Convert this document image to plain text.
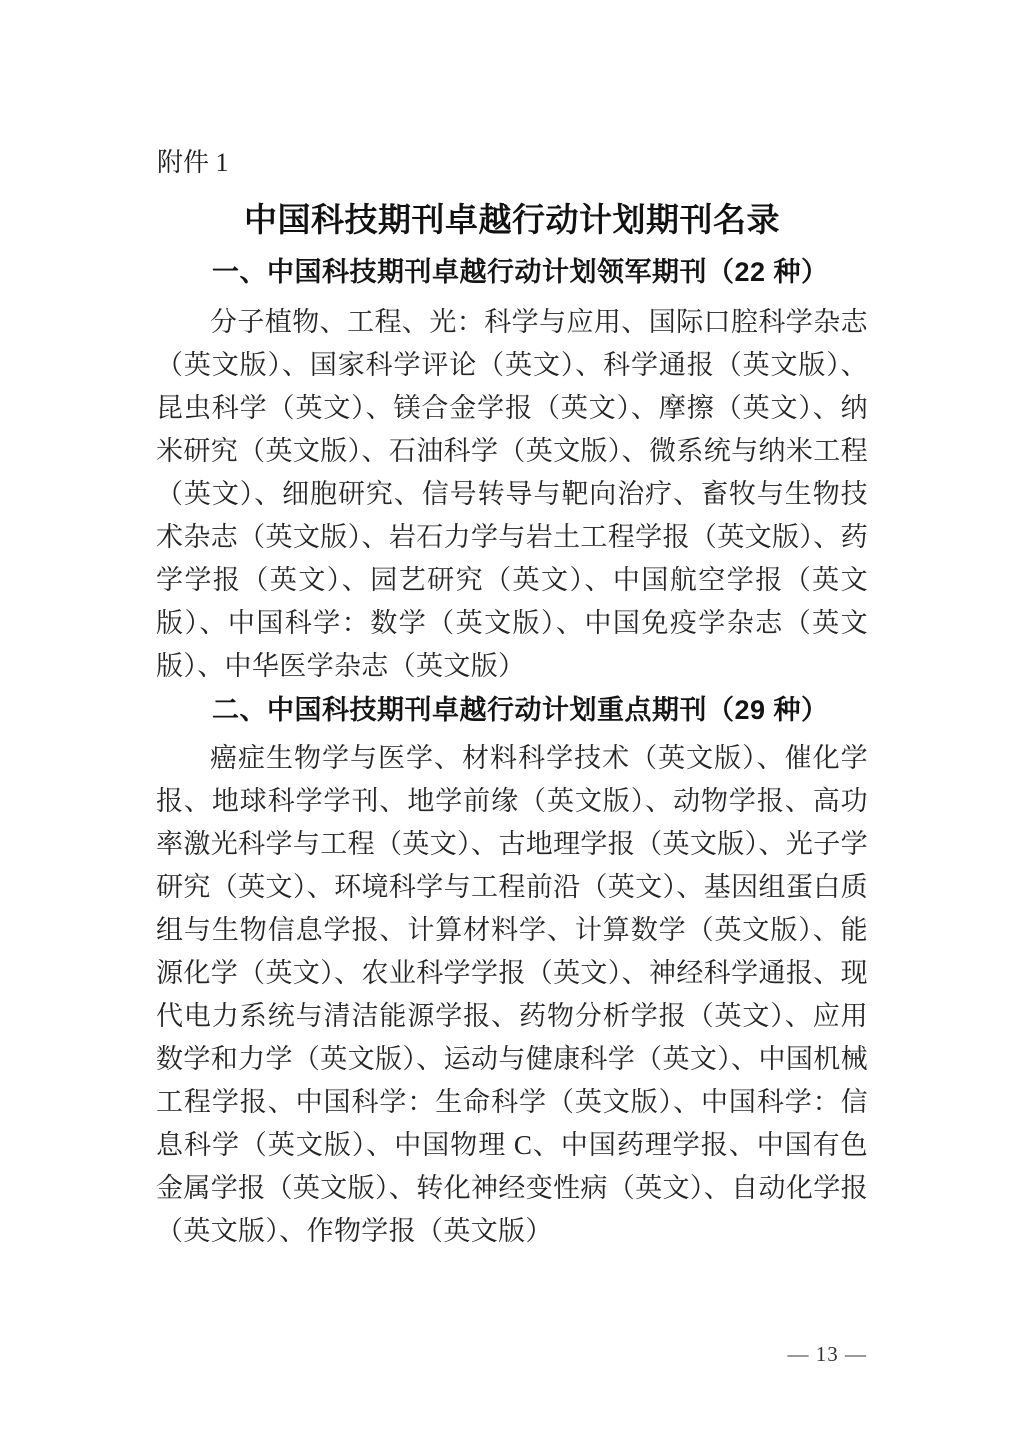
附件 1
中国科技期刊卓越行动计划期刊名录
一、中国科技期刊卓越行动计划领军期刊（22 种）
分子植物、工程、光：科学与应用、国际口腔科学杂志（英文版）、国家科学评论（英文）、科学通报（英文版）、昆虫科学（英文）、镁合金学报（英文）、摩擦（英文）、纳米研究（英文版）、石油科学（英文版）、微系统与纳米工程（英文）、细胞研究、信号转导与靶向治疗、畜牧与生物技术杂志（英文版）、岩石力学与岩土工程学报（英文版）、药学学报（英文）、园艺研究（英文）、中国航空学报（英文版）、中国科学：数学（英文版）、中国免疫学杂志（英文版）、中华医学杂志（英文版）
二、中国科技期刊卓越行动计划重点期刊（29 种）
癌症生物学与医学、材料科学技术（英文版）、催化学报、地球科学学刊、地学前缘（英文版）、动物学报、高功率激光科学与工程（英文）、古地理学报（英文版）、光子学研究（英文）、环境科学与工程前沿（英文）、基因组蛋白质组与生物信息学报、计算材料学、计算数学（英文版）、能源化学（英文）、农业科学学报（英文）、神经科学通报、现代电力系统与清洁能源学报、药物分析学报（英文）、应用数学和力学（英文版）、运动与健康科学（英文）、中国机械工程学报、中国科学：生命科学（英文版）、中国科学：信息科学（英文版）、中国物理 C、中国药理学报、中国有色金属学报（英文版）、转化神经变性病（英文）、自动化学报（英文版）、作物学报（英文版）
— 13 —
